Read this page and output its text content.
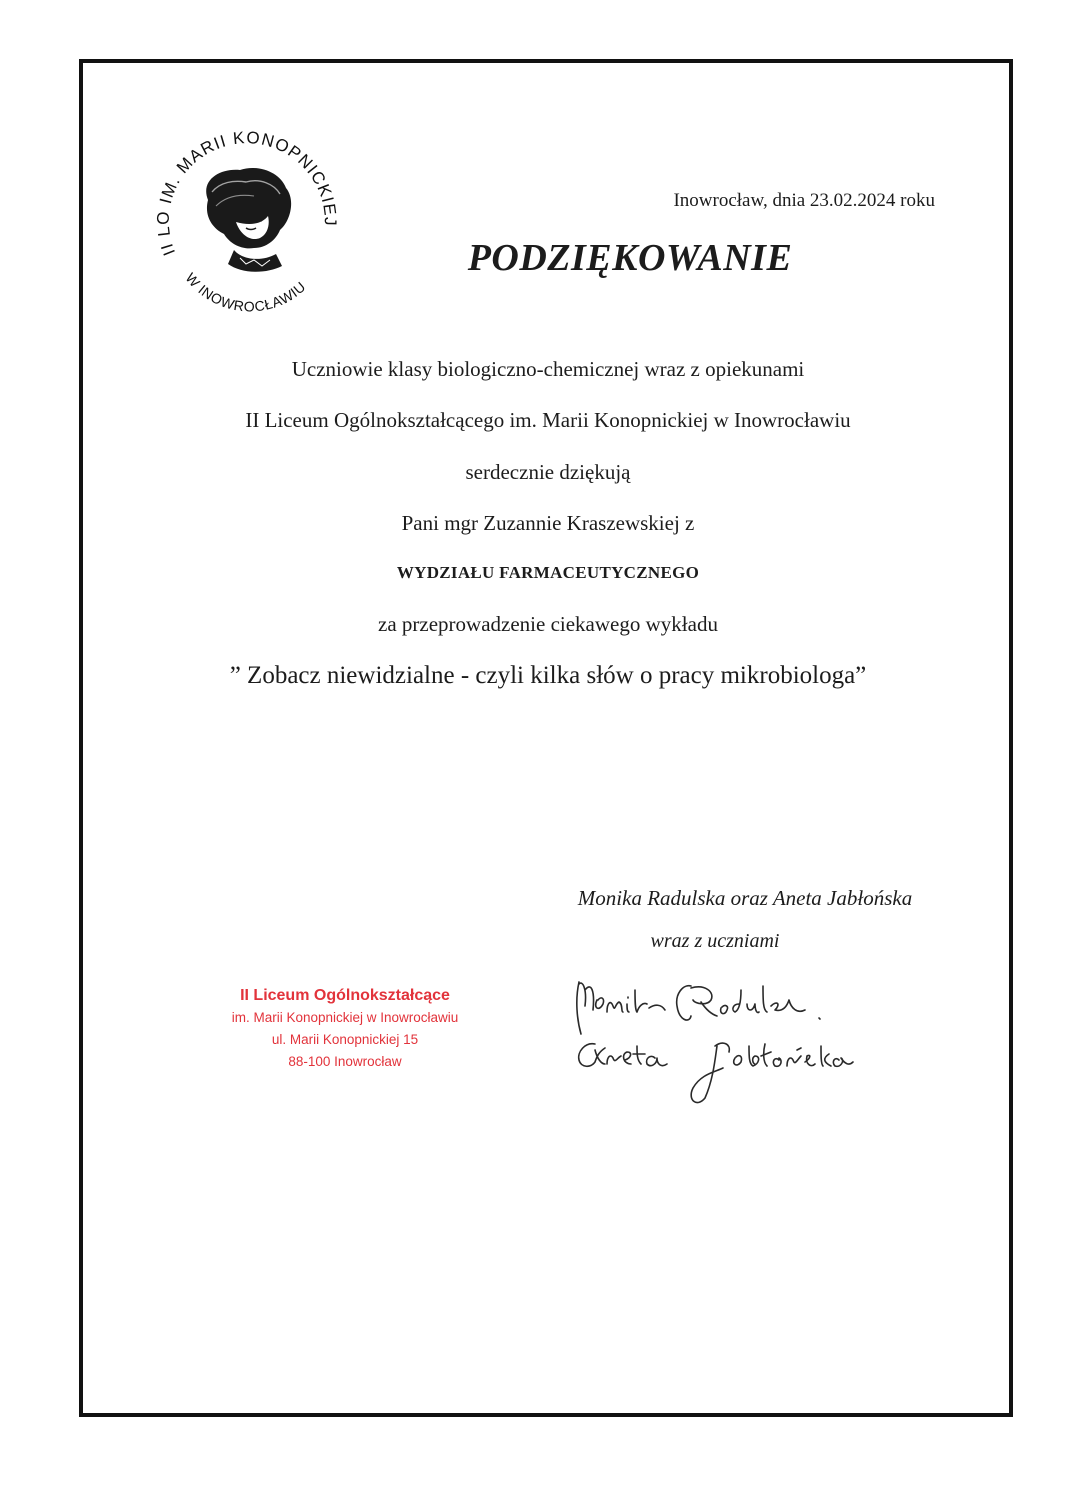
II LO IM. MARII KONOPNICKIEJ
W INOWROCŁAWIU
Inowrocław, dnia 23.02.2024 roku
PODZIĘKOWANIE
Uczniowie klasy biologiczno-chemicznej wraz z opiekunami
II Liceum Ogólnokształcącego im. Marii Konopnickiej w Inowrocławiu
serdecznie dziękują
Pani mgr Zuzannie Kraszewskiej z
WYDZIAŁU FARMACEUTYCZNEGO
za przeprowadzenie ciekawego wykładu
” Zobacz niewidzialne - czyli kilka słów o pracy mikrobiologa”
Monika Radulska oraz Aneta Jabłońska
wraz z uczniami
II Liceum Ogólnokształcące
im. Marii Konopnickiej w Inowrocławiu
ul. Marii Konopnickiej 15
88-100 Inowrocław
